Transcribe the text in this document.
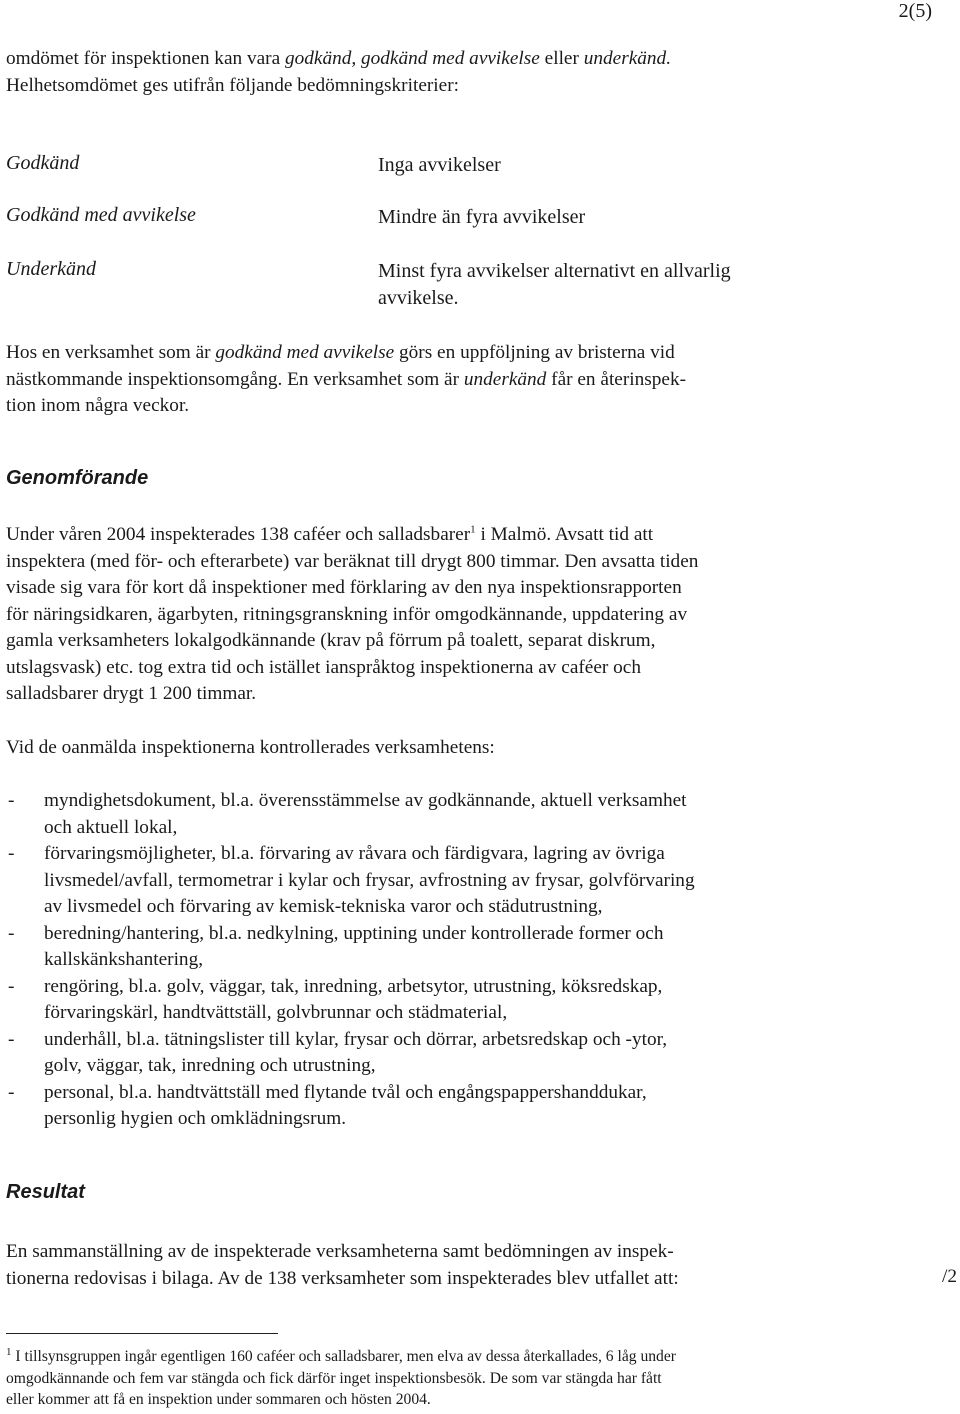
2(5)
omdömet för inspektionen kan vara godkänd, godkänd med avvikelse eller underkänd.
Helhetsomdömet ges utifrån följande bedömningskriterier:
Godkänd	Inga avvikelser
Godkänd med avvikelse	Mindre än fyra avvikelser
Underkänd	Minst fyra avvikelser alternativt en allvarlig
avvikelse.
Hos en verksamhet som är godkänd med avvikelse görs en uppföljning av bristerna vid
nästkommande inspektionsomgång. En verksamhet som är underkänd får en återinspek-
tion inom några veckor.
Genomförande
Under våren 2004 inspekterades 138 caféer och salladsbarer$^1$ i Malmö. Avsatt tid att
inspektera (med för- och efterarbete) var beräknat till drygt 800 timmar. Den avsatta tiden
visade sig vara för kort då inspektioner med förklaring av den nya inspektionsrapporten
för näringsidkaren, ägarbyten, ritningsgranskning inför omgodkännande, uppdatering av
gamla verksamheters lokalgodkännande (krav på förrum på toalett, separat diskrum,
utslagsvask) etc. tog extra tid och istället ianspråktog inspektionerna av caféer och
salladsbarer drygt 1 200 timmar.
Vid de oanmälda inspektionerna kontrollerades verksamhetens:
- myndighetsdokument, bl.a. överensstämmelse av godkännande, aktuell verksamhet
och aktuell lokal,
- förvaringsmöjligheter, bl.a. förvaring av råvara och färdigvara, lagring av övriga
livsmedel/avfall, termometrar i kylar och frysar, avfrostning av frysar, golvförvaring
av livsmedel och förvaring av kemisk-tekniska varor och städutrustning,
- beredning/hantering, bl.a. nedkylning, upptining under kontrollerade former och
kallskänkshantering,
- rengöring, bl.a. golv, väggar, tak, inredning, arbetsytor, utrustning, köksredskap,
förvaringskärl, handtvättställ, golvbrunnar och städmaterial,
- underhåll, bl.a. tätningslister till kylar, frysar och dörrar, arbetsredskap och -ytor,
golv, väggar, tak, inredning och utrustning,
- personal, bl.a. handtvättställ med flytande tvål och engångspappershanddukar,
personlig hygien och omklädningsrum.
Resultat
En sammanställning av de inspekterade verksamheterna samt bedömningen av inspek-
tionerna redovisas i bilaga. Av de 138 verksamheter som inspekterades blev utfallet att:	/2
$^1$ I tillsynsgruppen ingår egentligen 160 caféer och salladsbarer, men elva av dessa återkallades, 6 låg under
omgodkännande och fem var stängda och fick därför inget inspektionsbesök. De som var stängda har fått
eller kommer att få en inspektion under sommaren och hösten 2004.
